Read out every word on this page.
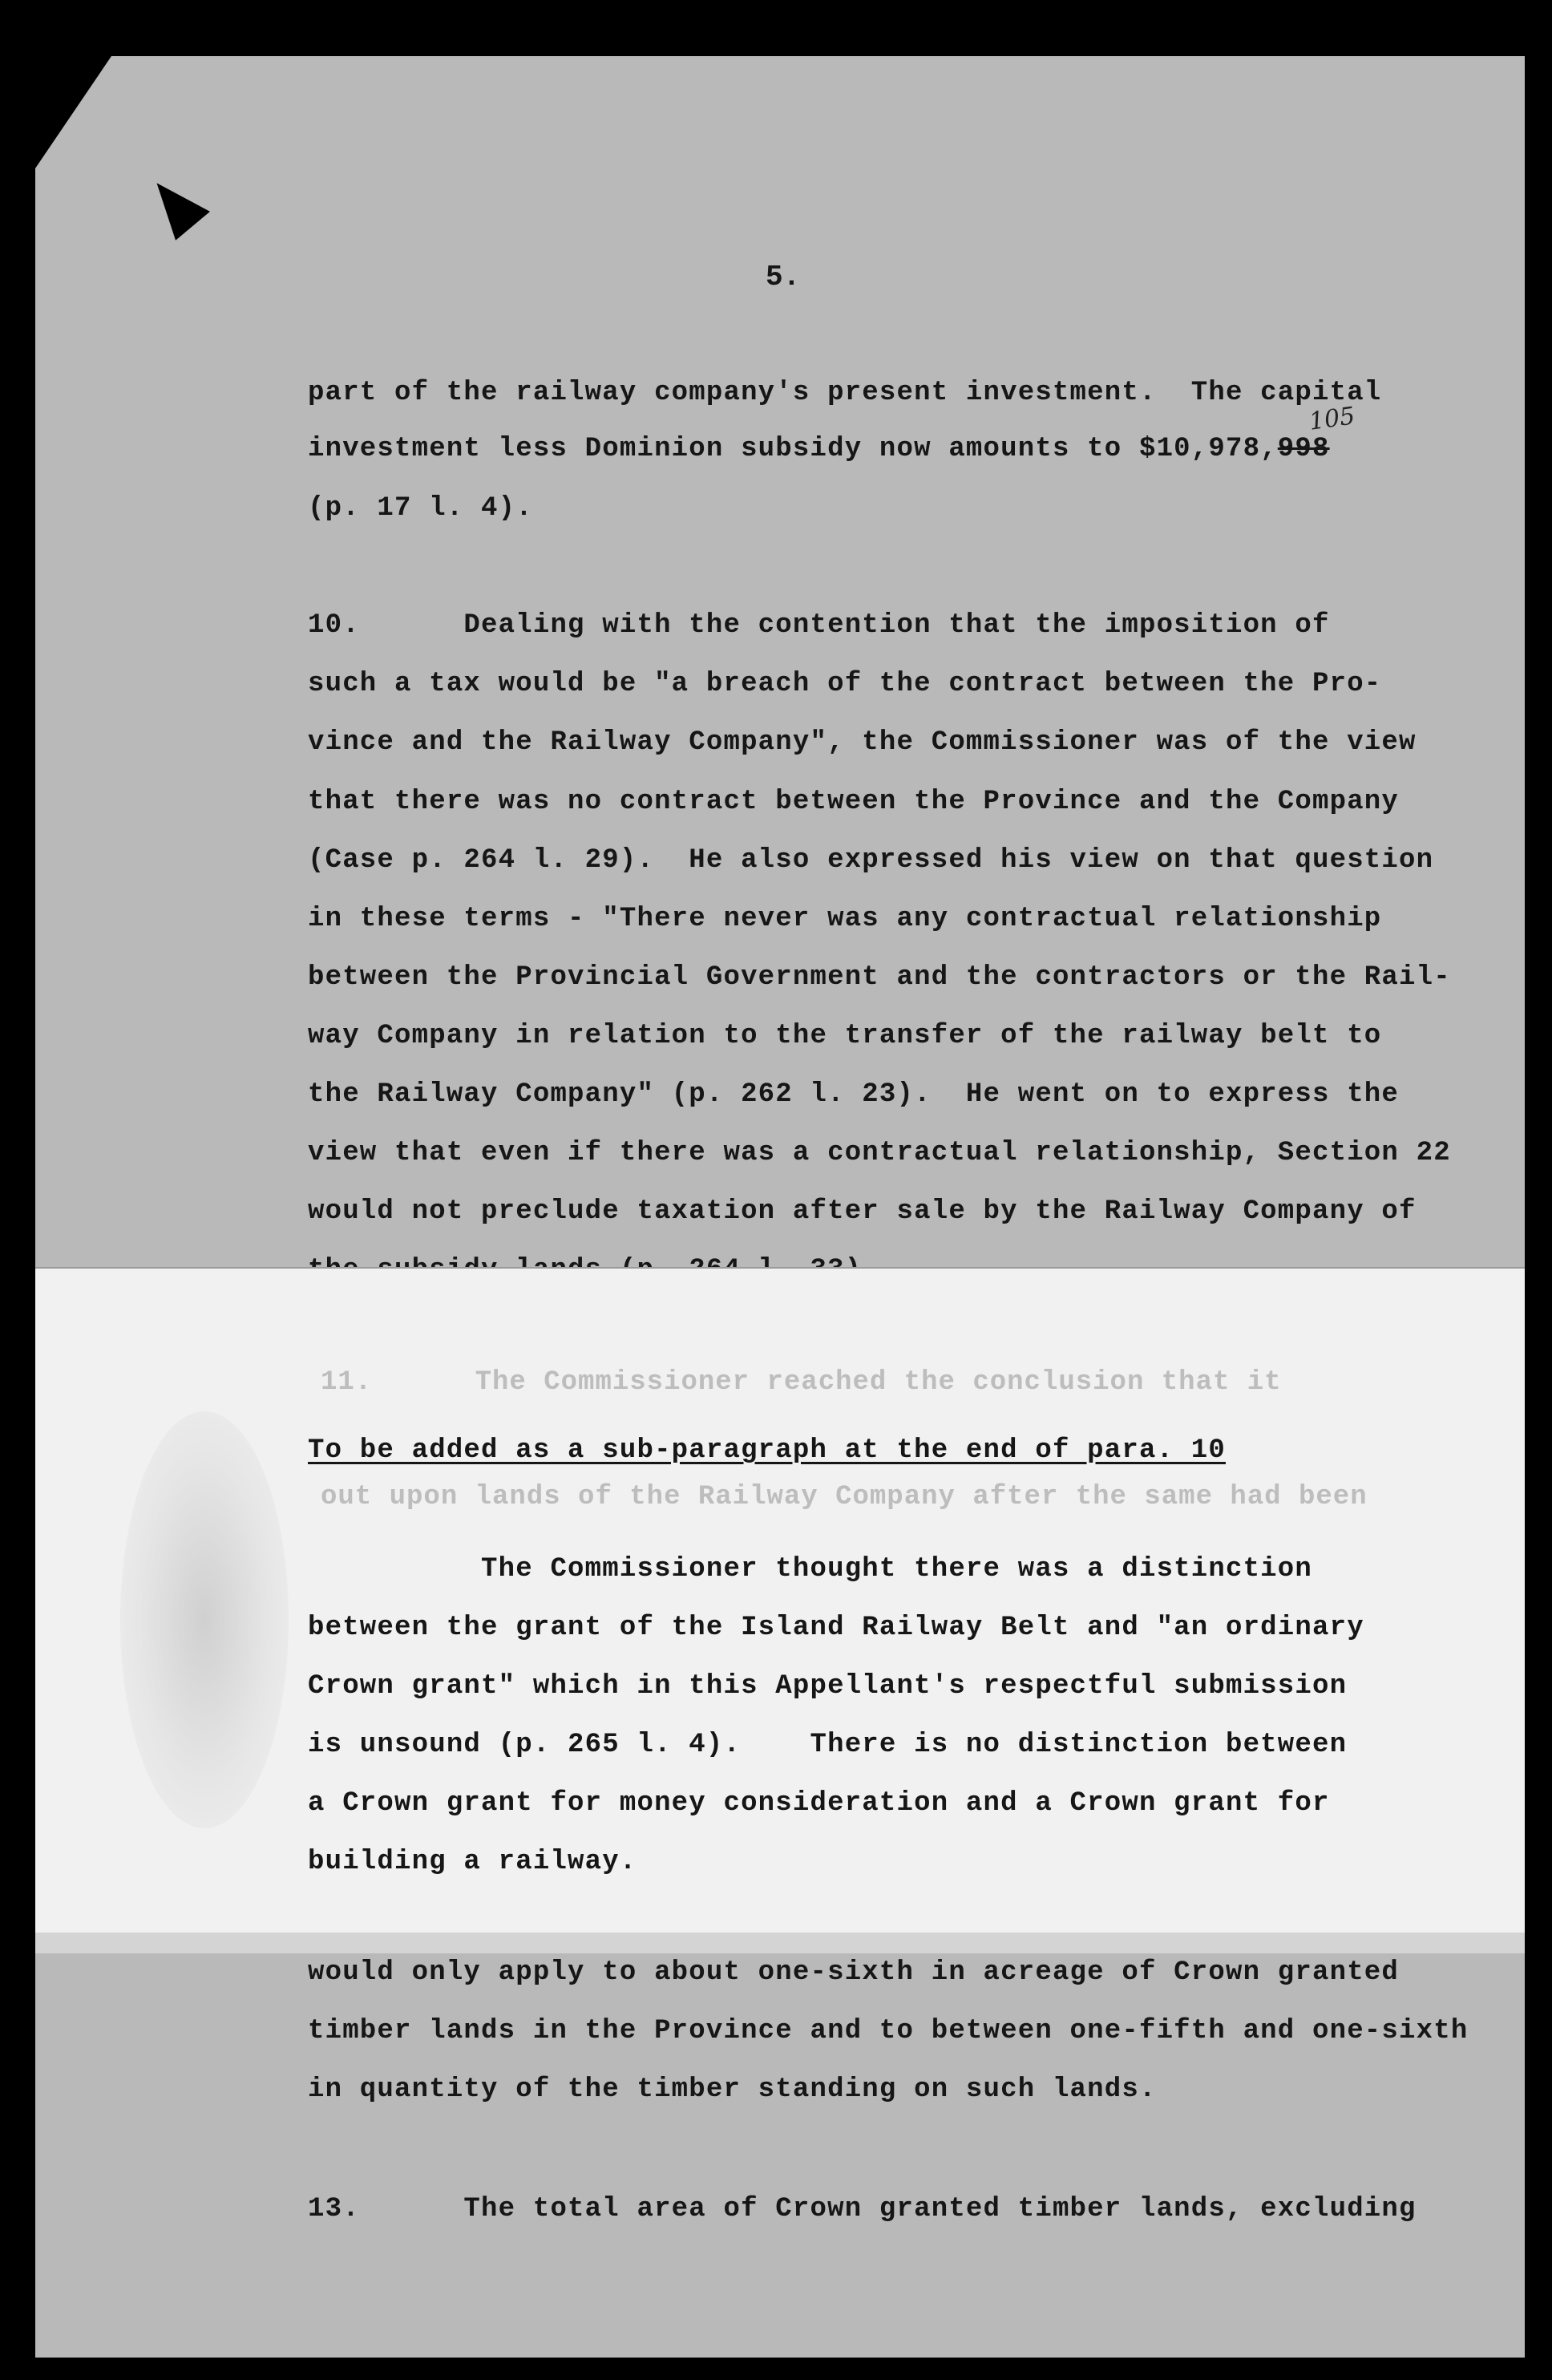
5.
105
part of the railway company's present investment.  The capital
investment less Dominion subsidy now amounts to $10,978,998
(p. 17 l. 4).
10.      Dealing with the contention that the imposition of
such a tax would be "a breach of the contract between the Pro-
vince and the Railway Company", the Commissioner was of the view
that there was no contract between the Province and the Company
(Case p. 264 l. 29).  He also expressed his view on that question
in these terms - "There never was any contractual relationship
between the Provincial Government and the contractors or the Rail-
way Company in relation to the transfer of the railway belt to
the Railway Company" (p. 262 l. 23).  He went on to express the
view that even if there was a contractual relationship, Section 22
would not preclude taxation after sale by the Railway Company of
11.      The Commissioner reached the conclusion that it
out upon lands of the Railway Company after the same had been
To be added as a sub-paragraph at the end of para. 10
The Commissioner thought there was a distinction
between the grant of the Island Railway Belt and "an ordinary
Crown grant" which in this Appellant's respectful submission
is unsound (p. 265 l. 4).    There is no distinction between
a Crown grant for money consideration and a Crown grant for
building a railway.
would only apply to about one-sixth in acreage of Crown granted
timber lands in the Province and to between one-fifth and one-sixth
in quantity of the timber standing on such lands.
13.      The total area of Crown granted timber lands, excluding
